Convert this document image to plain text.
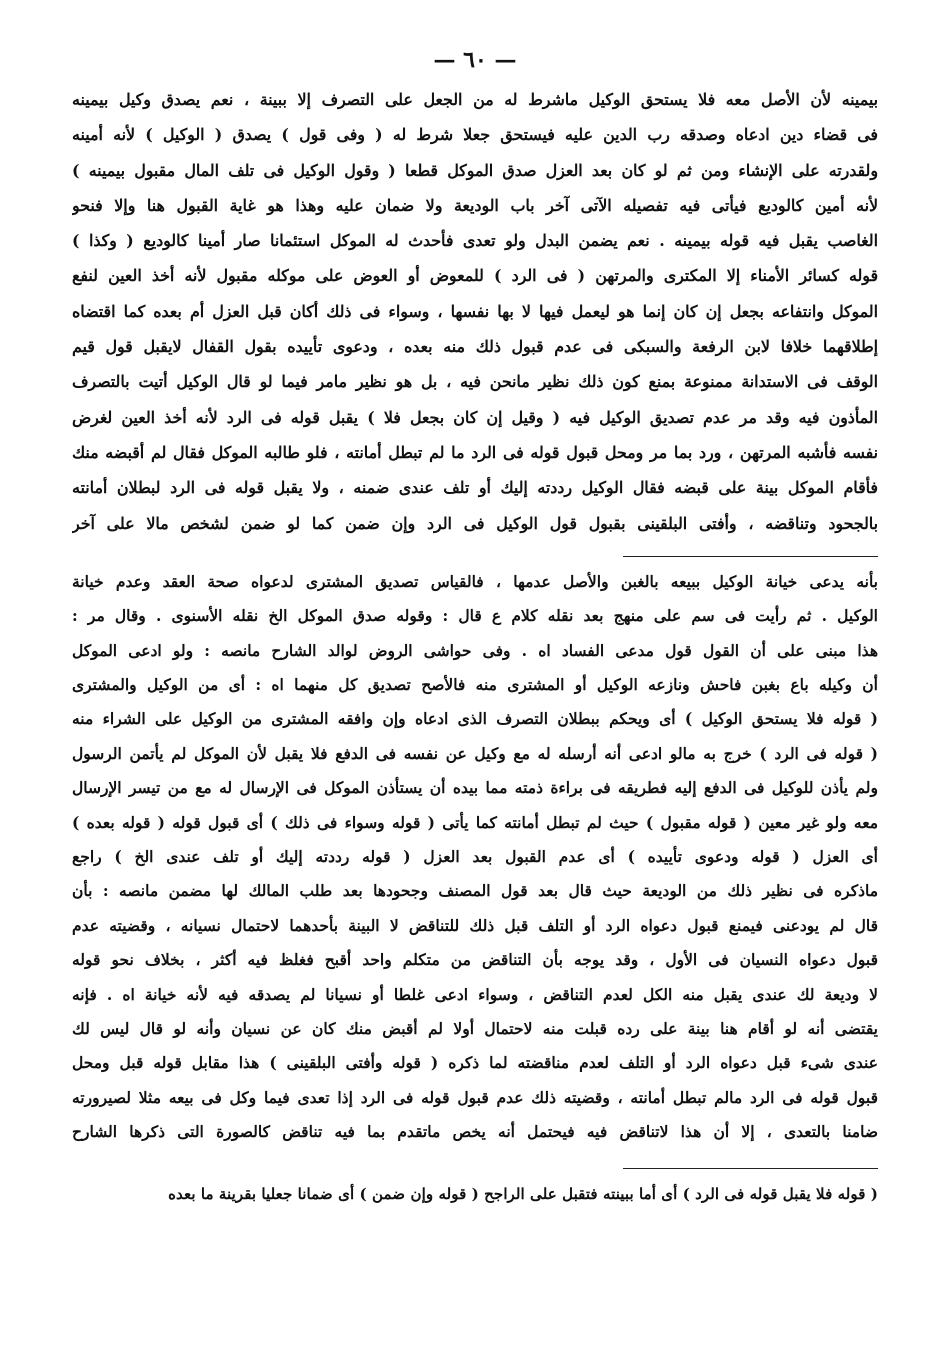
— ٦٠ —

بيمينه لأن الأصل معه فلا يستحق الوكيل ماشرط له من الجعل على التصرف إلا ببينة ، نعم يصدق وكيل بيمينه

فى قضاء دين ادعاه وصدقه رب الدين عليه فيستحق جعلا شرط له ( وفى قول ) يصدق ( الوكيل ) لأنه أمينه

ولقدرته على الإنشاء ومن ثم لو كان بعد العزل صدق الموكل قطعا ( وقول الوكيل فى تلف المال مقبول بيمينه )

لأنه أمين كالوديع فيأتى فيه تفصيله الآتى آخر باب الوديعة ولا ضمان عليه وهذا هو غاية القبول هنا وإلا فنحو

الغاصب يقبل فيه قوله بيمينه . نعم يضمن البدل ولو تعدى فأحدث له الموكل استئمانا صار أمينا كالوديع ( وكذا )

قوله كسائر الأمناء إلا المكترى والمرتهن ( فى الرد ) للمعوض أو العوض على موكله مقبول لأنه أخذ العين لنفع

الموكل وانتفاعه بجعل إن كان إنما هو ليعمل فيها لا بها نفسها ، وسواء فى ذلك أكان قبل العزل أم بعده كما اقتضاه

إطلاقهما خلافا لابن الرفعة والسبكى فى عدم قبول ذلك منه بعده ، ودعوى تأييده بقول القفال لايقبل قول قيم

الوقف فى الاستدانة ممنوعة بمنع كون ذلك نظير مانحن فيه ، بل هو نظير مامر فيما لو قال الوكيل أتيت بالتصرف

المأذون فيه وقد مر عدم تصديق الوكيل فيه ( وقيل إن كان بجعل فلا ) يقبل قوله فى الرد لأنه أخذ العين لغرض

نفسه فأشبه المرتهن ، ورد بما مر ومحل قبول قوله فى الرد ما لم تبطل أمانته ، فلو طالبه الموكل فقال لم أقبضه منك

فأقام الموكل بينة على قبضه فقال الوكيل رددته إليك أو تلف عندى ضمنه ، ولا يقبل قوله فى الرد لبطلان أمانته

بالجحود وتناقضه ، وأفتى البلقينى بقبول قول الوكيل فى الرد وإن ضمن كما لو ضمن لشخص مالا على آخر

بأنه يدعى خيانة الوكيل ببيعه بالغبن والأصل عدمها ، فالقياس تصديق المشترى لدعواه صحة العقد وعدم خيانة

الوكيل . ثم رأيت فى سم على منهج بعد نقله كلام ع قال : وقوله صدق الموكل الخ نقله الأسنوى . وقال مر :

هذا مبنى على أن القول قول مدعى الفساد اه . وفى حواشى الروض لوالد الشارح مانصه : ولو ادعى الموكل

أن وكيله باع بغبن فاحش ونازعه الوكيل أو المشترى منه فالأصح تصديق كل منهما اه : أى من الوكيل والمشترى

( قوله فلا يستحق الوكيل ) أى ويحكم ببطلان التصرف الذى ادعاه وإن وافقه المشترى من الوكيل على الشراء منه

( قوله فى الرد ) خرج به مالو ادعى أنه أرسله له مع وكيل عن نفسه فى الدفع فلا يقبل لأن الموكل لم يأتمن الرسول

ولم يأذن للوكيل فى الدفع إليه فطريقه فى براءة ذمته مما بيده أن يستأذن الموكل فى الإرسال له مع من تيسر الإرسال

معه ولو غير معين ( قوله مقبول ) حيث لم تبطل أمانته كما يأتى ( قوله وسواء فى ذلك ) أى قبول قوله ( قوله بعده )

أى العزل ( قوله ودعوى تأييده ) أى عدم القبول بعد العزل ( قوله رددته إليك أو تلف عندى الخ ) راجع

ماذكره فى نظير ذلك من الوديعة حيث قال بعد قول المصنف وجحودها بعد طلب المالك لها مضمن مانصه : بأن

قال لم يودعنى فيمنع قبول دعواه الرد أو التلف قبل ذلك للتناقض لا البينة بأحدهما لاحتمال نسيانه ، وقضيته عدم

قبول دعواه النسيان فى الأول ، وقد يوجه بأن التناقض من متكلم واحد أقبح فغلظ فيه أكثر ، بخلاف نحو قوله

لا وديعة لك عندى يقبل منه الكل لعدم التناقض ، وسواء ادعى غلطا أو نسيانا لم يصدقه فيه لأنه خيانة اه . فإنه

يقتضى أنه لو أقام هنا بينة على رده قبلت منه لاحتمال أولا لم أقبض منك كان عن نسيان وأنه لو قال ليس لك

عندى شىء قبل دعواه الرد أو التلف لعدم مناقضته لما ذكره ( قوله وأفتى البلقينى ) هذا مقابل قوله قبل ومحل

قبول قوله فى الرد مالم تبطل أمانته ، وقضيته ذلك عدم قبول قوله فى الرد إذا تعدى فيما وكل فى بيعه مثلا لصيرورته

ضامنا بالتعدى ، إلا أن هذا لاتناقض فيه فيحتمل أنه يخص ماتقدم بما فيه تناقض كالصورة التى ذكرها الشارح

( قوله فلا يقبل قوله فى الرد ) أى أما ببينته فتقبل على الراجح ( قوله وإن ضمن ) أى ضمانا جعليا بقرينة ما بعده
